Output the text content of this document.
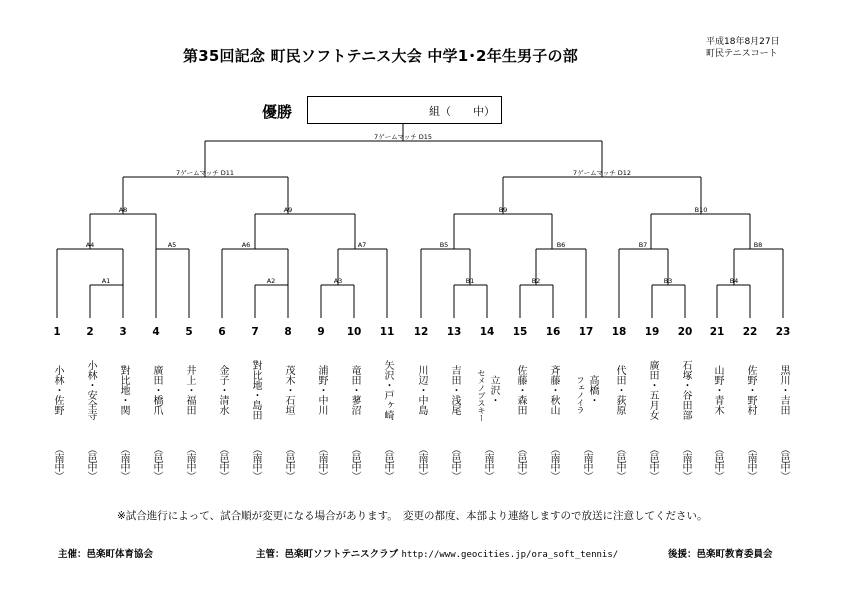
第35回記念 町民ソフトテニス大会 中学1･2年生男子の部
平成18年8月27日
町民テニスコート
優勝	組（　　中）
7ゲームマッチ D15
7ゲームマッチ D11	7ゲームマッチ D12
A8	A9	B9	B10
A4	A5	A6	A7	B5	B6	B7	B8
A1	A2	A3	B1	B2	B3	B4
1
小林・佐野
（南中）
2
小林・安全寺
（邑中）
3
對比地・関
（南中）
4
廣田・橋爪
（邑中）
5
井上・福田
（南中）
6
金子・清水
（邑中）
7
對比地・島田
（南中）
8
茂木・石垣
（邑中）
9
浦野・中川
（南中）
10
竜田・蓼沼
（邑中）
11
矢沢・戸ヶ崎
（邑中）
12
川辺・中島
（南中）
13
吉田・浅尾
（邑中）
14
立沢・
セメノブスキー
（南中）
15
佐藤・森田
（邑中）
16
斉藤・秋山
（南中）
17
高橋・
フェノイラ
（南中）
18
代田・荻原
（邑中）
19
廣田・五月女
（邑中）
20
石塚・谷田部
（南中）
21
山野・青木
（邑中）
22
佐野・野村
（南中）
23
黒川・吉田
（邑中）
※試合進行によって、試合順が変更になる場合があります。　変更の都度、本部より連絡しますので放送に注意してください。
主催：邑楽町体育協会	主管：邑楽町ソフトテニスクラブ http://www.geocities.jp/ora_soft_tennis/	後援：邑楽町教育委員会
